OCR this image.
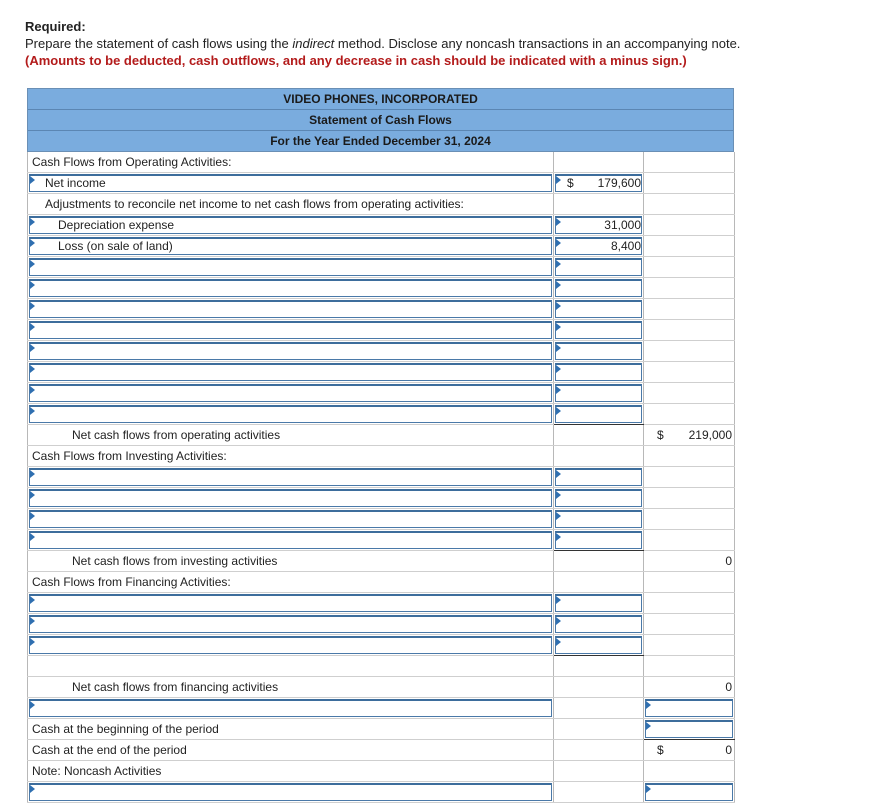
Required:
Prepare the statement of cash flows using the indirect method. Disclose any noncash transactions in an accompanying note.
(Amounts to be deducted, cash outflows, and any decrease in cash should be indicated with a minus sign.)
VIDEO PHONES, INCORPORATED
Statement of Cash Flows
For the Year Ended December 31, 2024
Cash Flows from Operating Activities:		

Net income	$ 179,600	

Adjustments to reconcile net income to net cash flows from operating activities:		

Depreciation expense	31,000	

Loss (on sale of land)	8,400	

Net cash flows from operating activities		$ 219,000

Cash Flows from Investing Activities:		

Net cash flows from investing activities		0

Cash Flows from Financing Activities:		

Net cash flows from financing activities		0

Cash at the beginning of the period		

Cash at the end of the period		$ 0

Note: Noncash Activities		
